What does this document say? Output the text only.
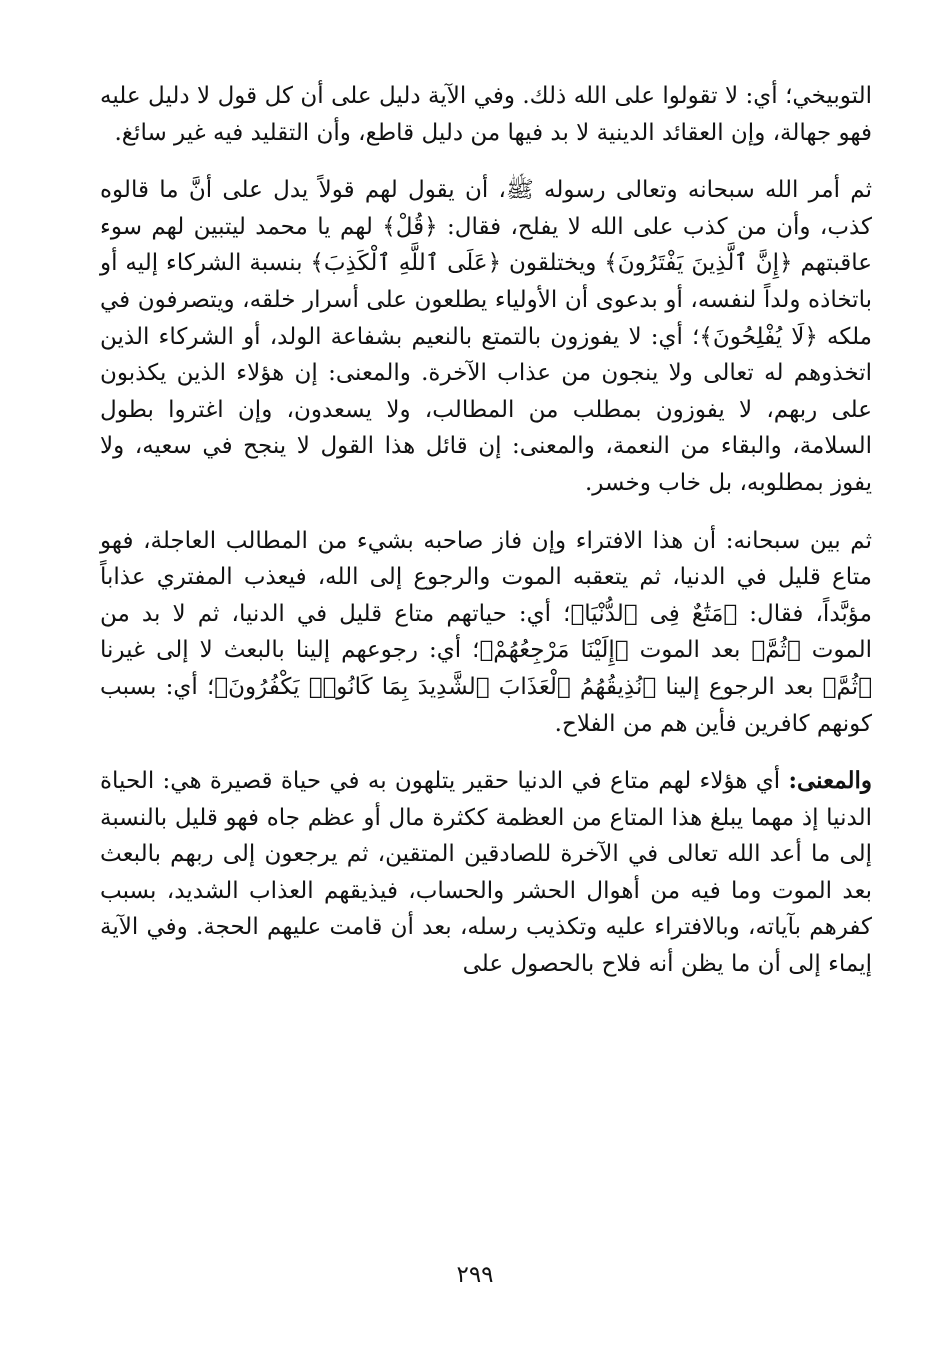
التوبيخي؛ أي: لا تقولوا على الله ذلك. وفي الآية دليل على أن كل قول لا دليل عليه فهو جهالة، وإن العقائد الدينية لا بد فيها من دليل قاطع، وأن التقليد فيه غير سائغ.

ثم أمر الله سبحانه وتعالى رسوله ﷺ، أن يقول لهم قولاً يدل على أنَّ ما قالوه كذب، وأن من كذب على الله لا يفلح، فقال: ﴿قُلْ﴾ لهم يا محمد ليتبين لهم سوء عاقبتهم ﴿إِنَّ ٱلَّذِينَ يَفْتَرُونَ﴾ ويختلقون ﴿عَلَى ٱللَّهِ ٱلْكَذِبَ﴾ بنسبة الشركاء إليه أو باتخاذه ولداً لنفسه، أو بدعوى أن الأولياء يطلعون على أسرار خلقه، ويتصرفون في ملكه ﴿لَا يُفْلِحُونَ﴾؛ أي: لا يفوزون بالتمتع بالنعيم بشفاعة الولد، أو الشركاء الذين اتخذوهم له تعالى ولا ينجون من عذاب الآخرة. والمعنى: إن هؤلاء الذين يكذبون على ربهم، لا يفوزون بمطلب من المطالب، ولا يسعدون، وإن اغتروا بطول السلامة، والبقاء من النعمة، والمعنى: إن قائل هذا القول لا ينجح في سعيه، ولا يفوز بمطلوبه، بل خاب وخسر.

ثم بين سبحانه: أن هذا الافتراء وإن فاز صاحبه بشيء من المطالب العاجلة، فهو متاع قليل في الدنيا، ثم يتعقبه الموت والرجوع إلى الله، فيعذب المفتري عذاباً مؤبَّداً، فقال: ﴿مَتَٰعٌ فِى ٱلدُّنْيَا﴾؛ أي: حياتهم متاع قليل في الدنيا، ثم لا بد من الموت ﴿ثُمَّ﴾ بعد الموت ﴿إِلَيْنَا مَرْجِعُهُمْ﴾؛ أي: رجوعهم إلينا بالبعث لا إلى غيرنا ﴿ثُمَّ﴾ بعد الرجوع إلينا ﴿نُذِيقُهُمُ ٱلْعَذَابَ ٱلشَّدِيدَ بِمَا كَانُوا۟ يَكْفُرُونَ﴾؛ أي: بسبب كونهم كافرين فأين هم من الفلاح.

والمعنى: أي هؤلاء لهم متاع في الدنيا حقير يتلهون به في حياة قصيرة هي: الحياة الدنيا إذ مهما يبلغ هذا المتاع من العظمة ككثرة مال أو عظم جاه فهو قليل بالنسبة إلى ما أعد الله تعالى في الآخرة للصادقين المتقين، ثم يرجعون إلى ربهم بالبعث بعد الموت وما فيه من أهوال الحشر والحساب، فيذيقهم العذاب الشديد، بسبب كفرهم بآياته، وبالافتراء عليه وتكذيب رسله، بعد أن قامت عليهم الحجة. وفي الآية إيماء إلى أن ما يظن أنه فلاح بالحصول على

٢٩٩
